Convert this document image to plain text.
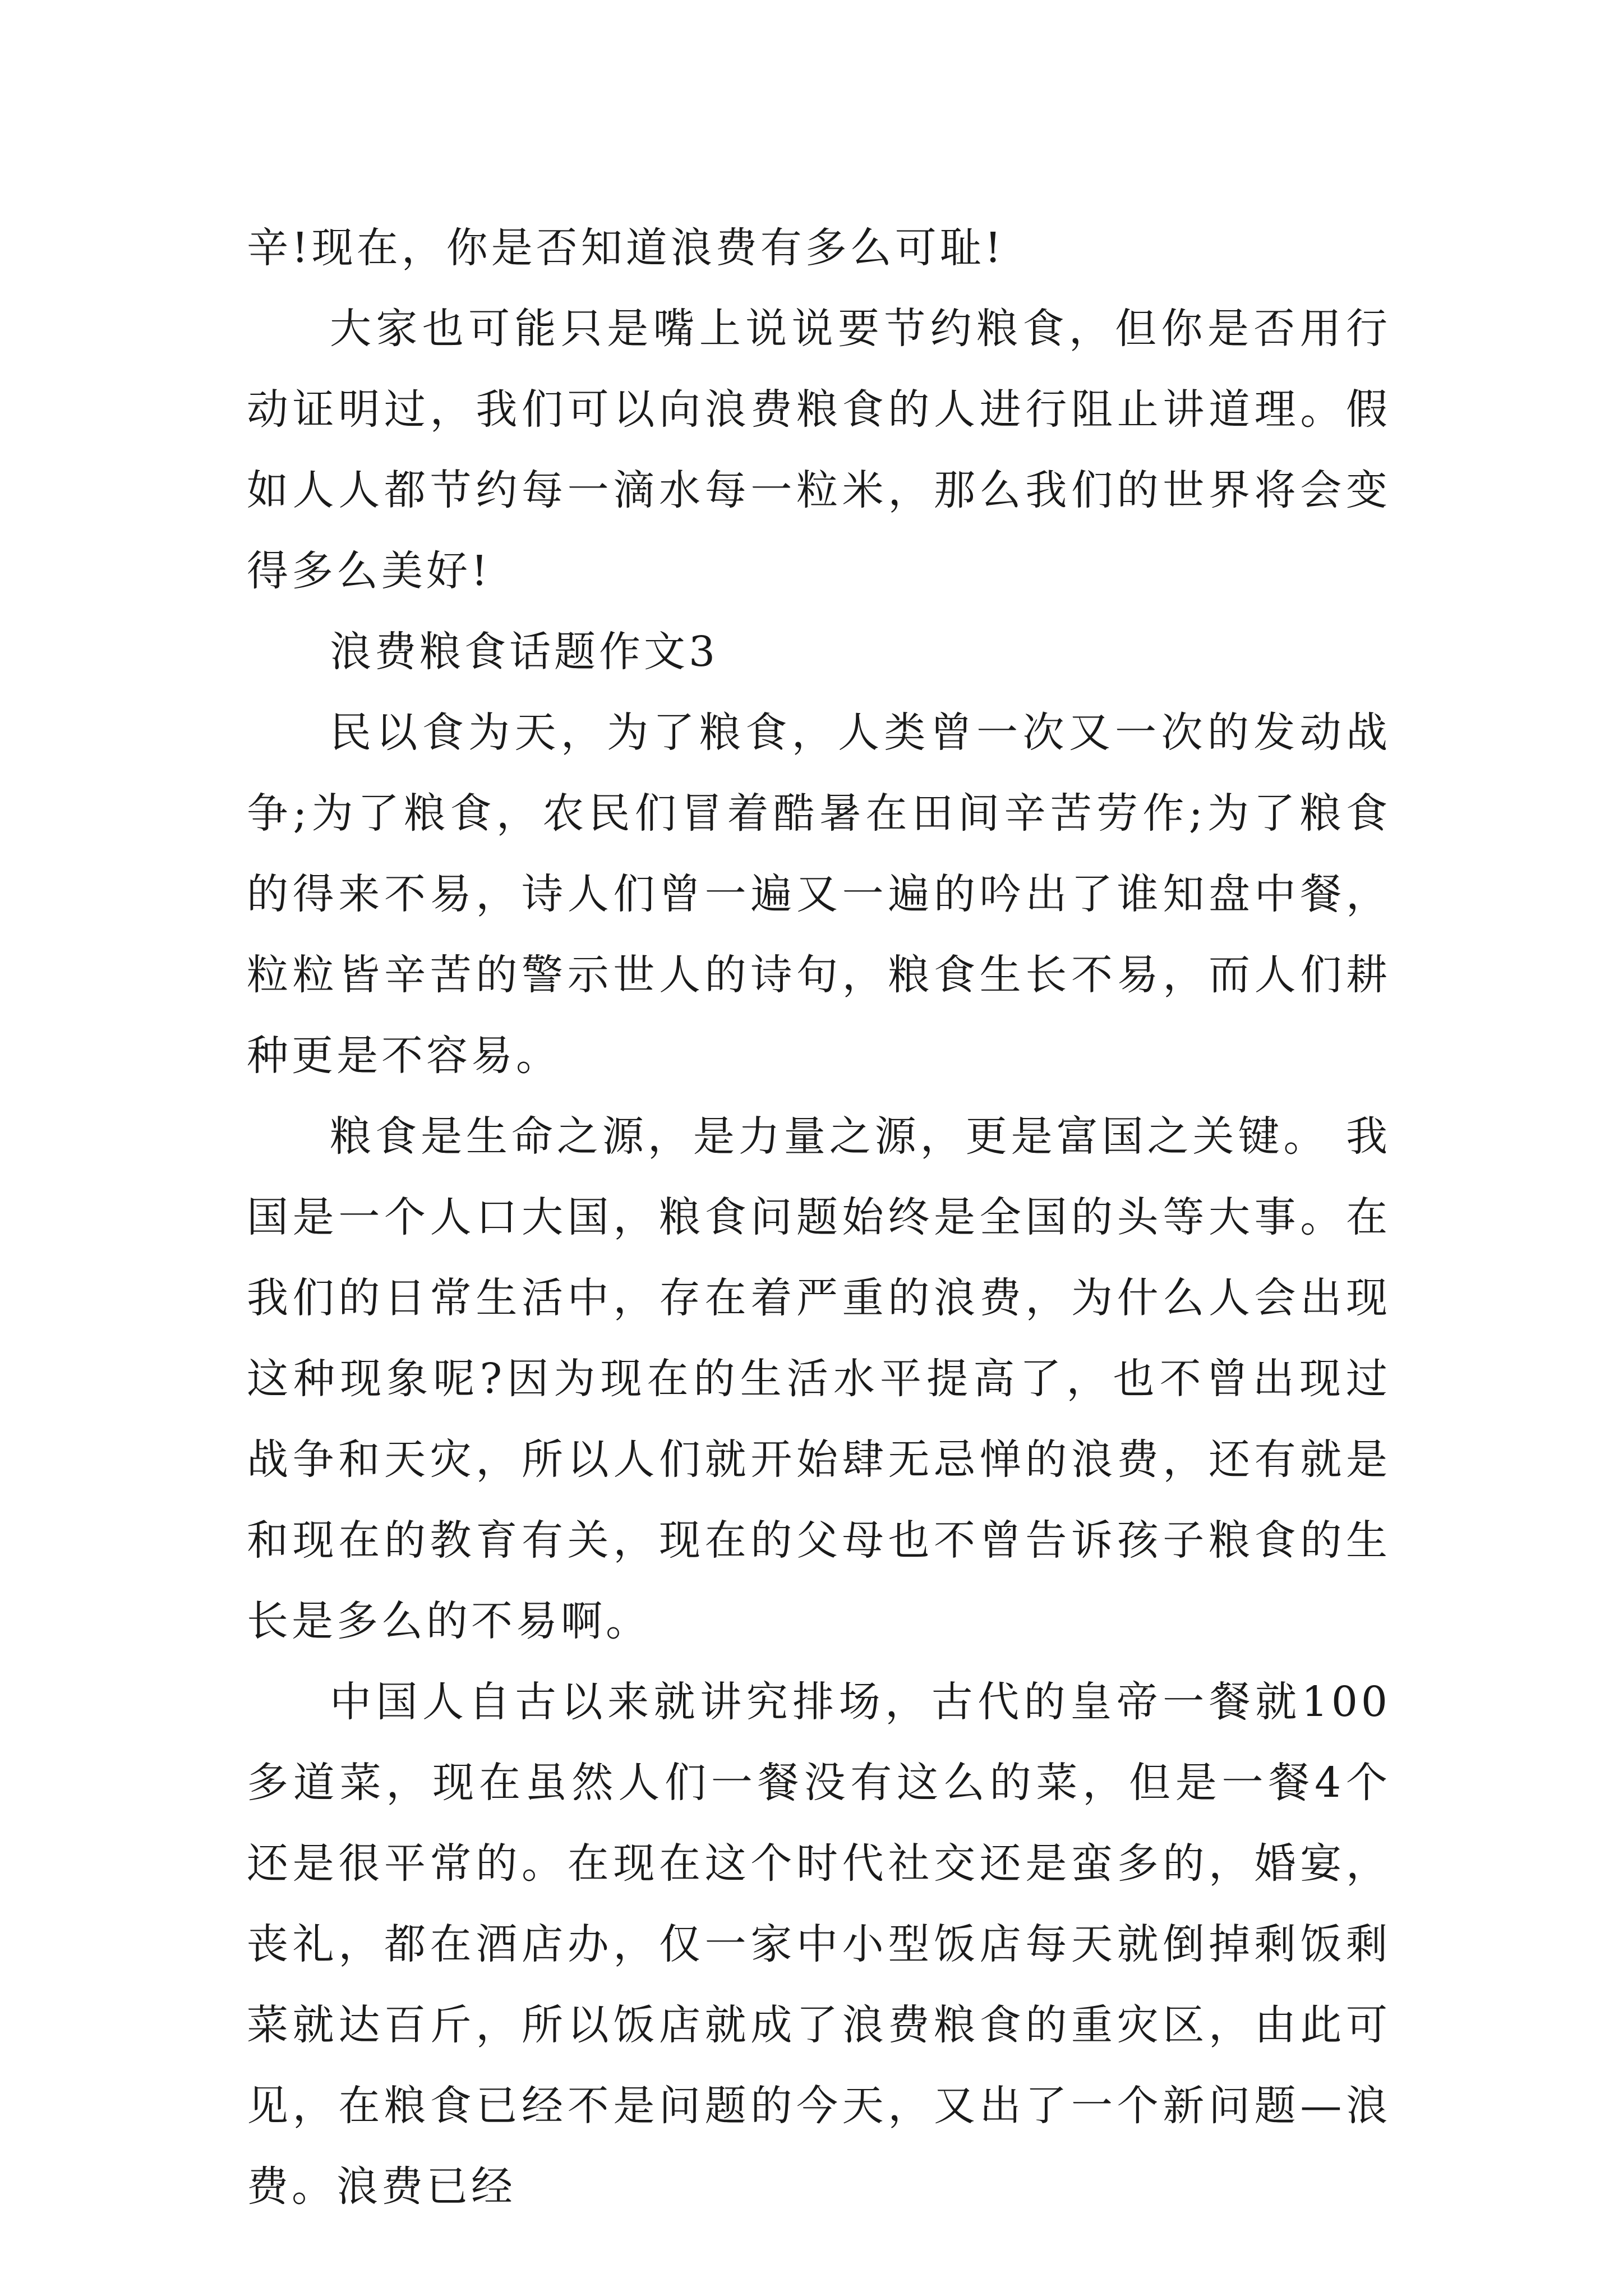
辛!现在，你是否知道浪费有多么可耻!

大家也可能只是嘴上说说要节约粮食，但你是否用行动证明过，我们可以向浪费粮食的人进行阻止讲道理。假如人人都节约每一滴水每一粒米，那么我们的世界将会变得多么美好!

浪费粮食话题作文3

民以食为天，为了粮食，人类曾一次又一次的发动战争;为了粮食，农民们冒着酷暑在田间辛苦劳作;为了粮食的得来不易，诗人们曾一遍又一遍的吟出了谁知盘中餐，粒粒皆辛苦的警示世人的诗句，粮食生长不易，而人们耕种更是不容易。

粮食是生命之源，是力量之源，更是富国之关键。 我国是一个人口大国，粮食问题始终是全国的头等大事。在我们的日常生活中，存在着严重的浪费，为什么人会出现这种现象呢?因为现在的生活水平提高了，也不曾出现过战争和天灾，所以人们就开始肆无忌惮的浪费，还有就是和现在的教育有关，现在的父母也不曾告诉孩子粮食的生长是多么的不易啊。

中国人自古以来就讲究排场，古代的皇帝一餐就100多道菜，现在虽然人们一餐没有这么的菜，但是一餐4个还是很平常的。在现在这个时代社交还是蛮多的，婚宴，丧礼，都在酒店办，仅一家中小型饭店每天就倒掉剩饭剩菜就达百斤，所以饭店就成了浪费粮食的重灾区，由此可见，在粮食已经不是问题的今天，又出了一个新问题—浪费。浪费已经
